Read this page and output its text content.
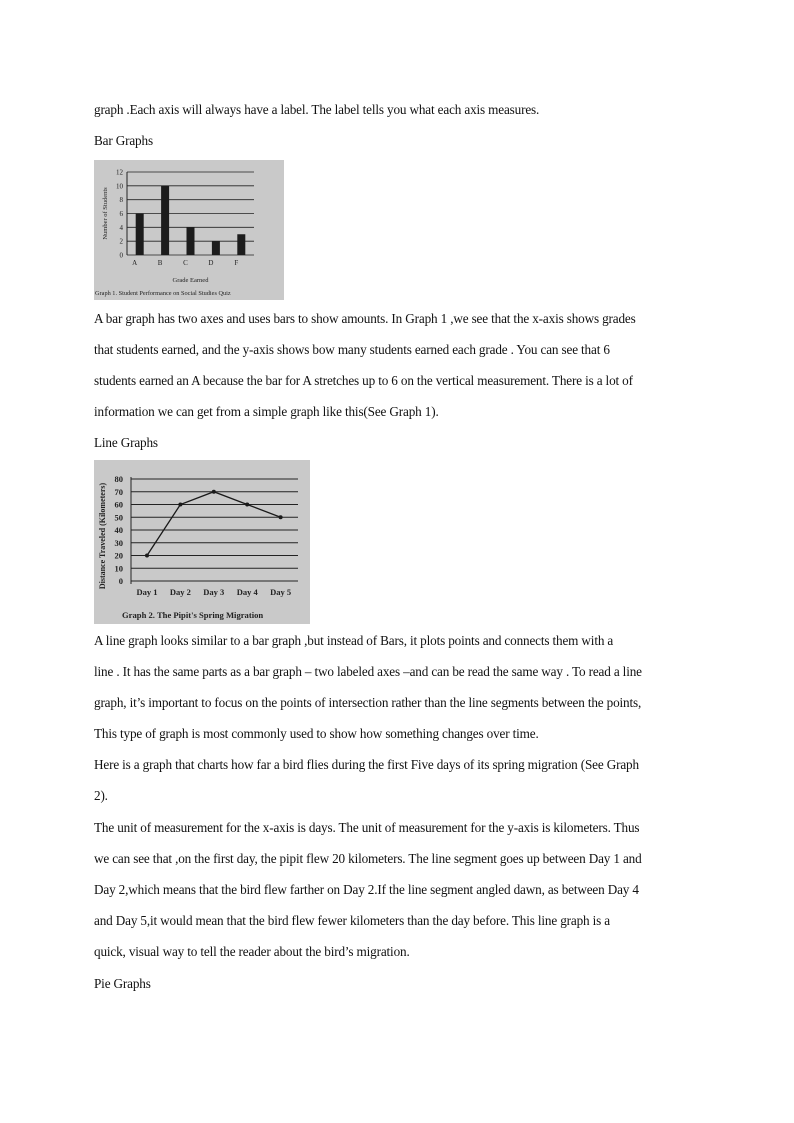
graph .Each axis will always have a label. The label tells you what each axis measures.
Bar Graphs
0
2
4
6
8
10
12
A	B	C	D	F
Number of Students
Grade Earned
Graph 1. Student Performance on Social Studies Quiz
A bar graph has two axes and uses bars to show amounts. In Graph 1 ,we see that the x-axis shows grades
that students earned, and the y-axis shows bow many students earned each grade . You can see that 6
students earned an A because the bar for A stretches up to 6 on the vertical measurement. There is a lot of
information we can get from a simple graph like this(See Graph 1).
Line Graphs
0
10
20
30
40
50
60
70
80
Day 1 Day 2 Day 3 Day 4 Day 5
Distance Traveled (Kilometers)
Graph 2. The Pipit's Spring Migration
A line graph looks similar to a bar graph ,but instead of Bars, it plots points and connects them with a
line . It has the same parts as a bar graph – two labeled axes –and can be read the same way . To read a line
graph, it’s important to focus on the points of intersection rather than the line segments between the points,
This type of graph is most commonly used to show how something changes over time.
Here is a graph that charts how far a bird flies during the first Five days of its spring migration (See Graph
2).
The unit of measurement for the x-axis is days. The unit of measurement for the y-axis is kilometers. Thus
we can see that ,on the first day, the pipit flew 20 kilometers. The line segment goes up between Day 1 and
Day 2,which means that the bird flew farther on Day 2.If the line segment angled dawn, as between Day 4
and Day 5,it would mean that the bird flew fewer kilometers than the day before. This line graph is a
quick, visual way to tell the reader about the bird’s migration.
Pie Graphs
